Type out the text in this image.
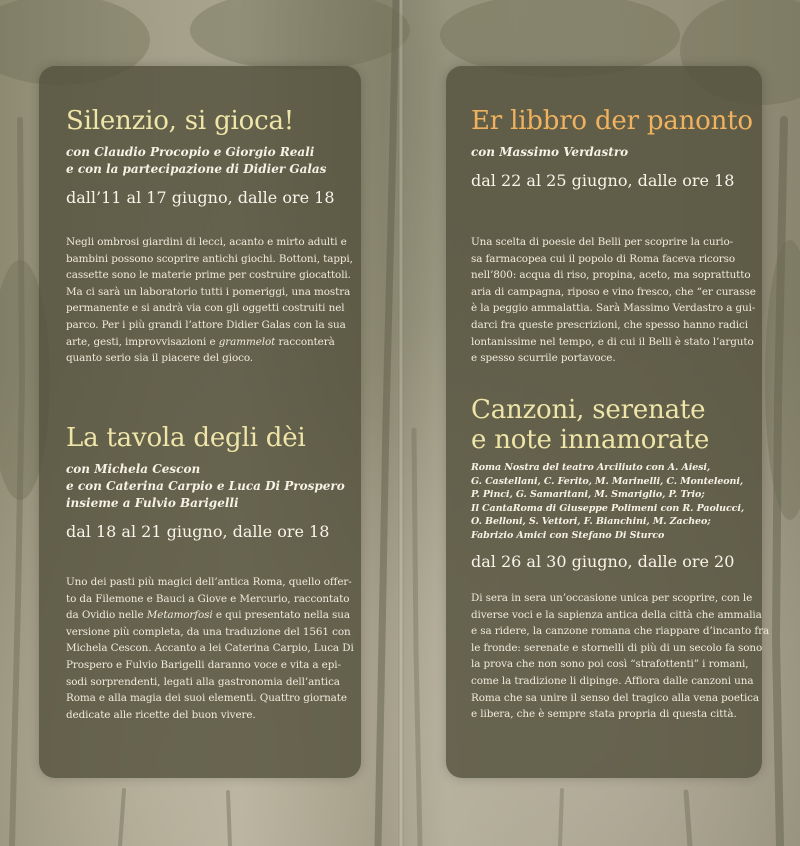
Silenzio, si gioca!
con Claudio Procopio e Giorgio Reali
e con la partecipazione di Didier Galas
dall’11 al 17 giugno, dalle ore 18

Negli ombrosi giardini di lecci, acanto e mirto adulti e
bambini possono scoprire antichi giochi. Bottoni, tappi,
cassette sono le materie prime per costruire giocattoli.
Ma ci sarà un laboratorio tutti i pomeriggi, una mostra
permanente e si andrà via con gli oggetti costruiti nel
parco. Per i più grandi l’attore Didier Galas con la sua
arte, gesti, improvvisazioni e grammelot racconterà
quanto serio sia il piacere del gioco.

La tavola degli dèi
con Michela Cescon
e con Caterina Carpio e Luca Di Prospero
insieme a Fulvio Barigelli
dal 18 al 21 giugno, dalle ore 18

Uno dei pasti più magici dell’antica Roma, quello offer-
to da Filemone e Bauci a Giove e Mercurio, raccontato
da Ovidio nelle Metamorfosi e qui presentato nella sua
versione più completa, da una traduzione del 1561 con
Michela Cescon. Accanto a lei Caterina Carpio, Luca Di
Prospero e Fulvio Barigelli daranno voce e vita a epi-
sodi sorprendenti, legati alla gastronomia dell’antica
Roma e alla magia dei suoi elementi. Quattro giornate
dedicate alle ricette del buon vivere.

Er libbro der panonto
con Massimo Verdastro
dal 22 al 25 giugno, dalle ore 18

Una scelta di poesie del Belli per scoprire la curio-
sa farmacopea cui il popolo di Roma faceva ricorso
nell’800: acqua di riso, propina, aceto, ma soprattutto
aria di campagna, riposo e vino fresco, che “er curasse
è la peggio ammalattia. Sarà Massimo Verdastro a gui-
darci fra queste prescrizioni, che spesso hanno radici
lontanissime nel tempo, e di cui il Belli è stato l’arguto
e spesso scurrile portavoce.

Canzoni, serenate
e note innamorate
Roma Nostra del teatro Arciliuto con A. Aiesi,
G. Castellani, C. Ferito, M. Marinelli, C. Monteleoni,
P. Pinci, G. Samaritani, M. Smariglio, P. Trio;
Il CantaRoma di Giuseppe Polimeni con R. Paolucci,
O. Belloni, S. Vettori, F. Bianchini, M. Zacheo;
Fabrizio Amici con Stefano Di Sturco
dal 26 al 30 giugno, dalle ore 20

Di sera in sera un’occasione unica per scoprire, con le
diverse voci e la sapienza antica della città che ammalia
e sa ridere, la canzone romana che riappare d’incanto fra
le fronde: serenate e stornelli di più di un secolo fa sono
la prova che non sono poi così “strafottenti” i romani,
come la tradizione li dipinge. Affiora dalle canzoni una
Roma che sa unire il senso del tragico alla vena poetica
e libera, che è sempre stata propria di questa città.
